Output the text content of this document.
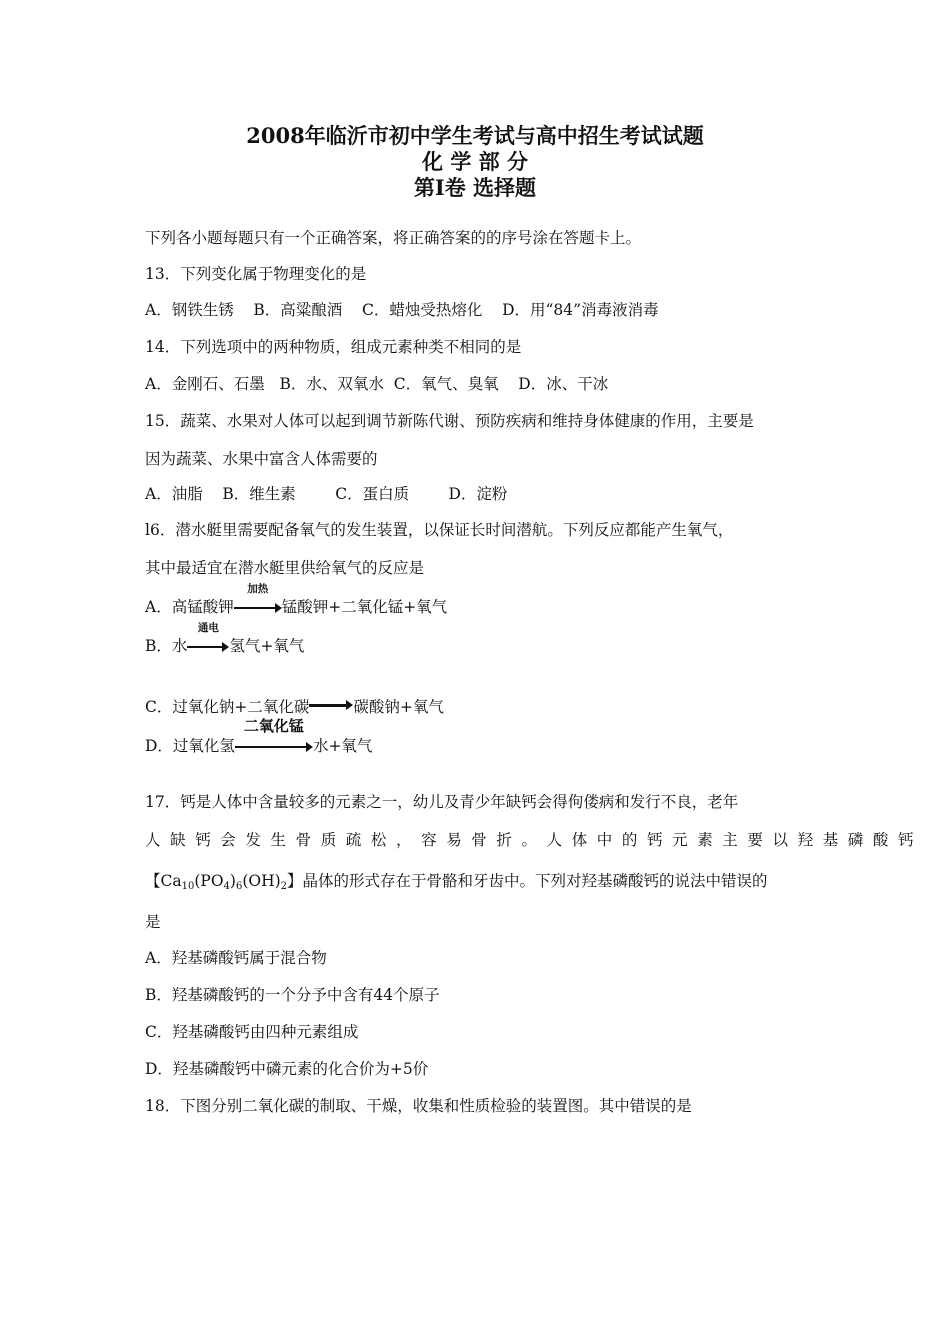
2008年临沂市初中学生考试与高中招生考试试题
化 学 部 分
第Ⅰ卷 选择题
下列各小题每题只有一个正确答案，将正确答案的的序号涂在答题卡上。
13．下列变化属于物理变化的是
A．钢铁生锈    B．高粱酿酒    C．蜡烛受热熔化    D．用“84”消毒液消毒
14．下列选项中的两种物质，组成元素种类不相同的是
A．金刚石、石墨   B．水、双氧水  C．氧气、臭氧    D．冰、干冰
15．蔬菜、水果对人体可以起到调节新陈代谢、预防疾病和维持身体健康的作用，主要是
因为蔬菜、水果中富含人体需要的
A．油脂    B．维生素        C．蛋白质        D．淀粉
l6．潜水艇里需要配备氧气的发生装置，以保证长时间潜航。下列反应都能产生氧气，
其中最适宜在潜水艇里供给氧气的反应是
A．高锰酸钾
加热
锰酸钾+二氧化锰+氧气
B．水
通电
氢气+氧气
C．过氧化钠+二氧化碳→碳酸钠+氧气
D．过氧化氢
二氧化锰
水+氧气
17．钙是人体中含量较多的元素之一，幼儿及青少年缺钙会得佝偻病和发行不良，老年
人缺钙会发生骨质疏松，容易骨折。人体中的钙元素主要以羟基磷酸钙
【$Ca_{10}(PO_4)_6(OH)_2$】晶体的形式存在于骨骼和牙齿中。下列对羟基磷酸钙的说法中错误的
是
A．羟基磷酸钙属于混合物
B．羟基磷酸钙的一个分予中含有44个原子
C．羟基磷酸钙由四种元素组成
D．羟基磷酸钙中磷元素的化合价为+5价
18．下图分别二氧化碳的制取、干燥，收集和性质检验的装置图。其中错误的是
